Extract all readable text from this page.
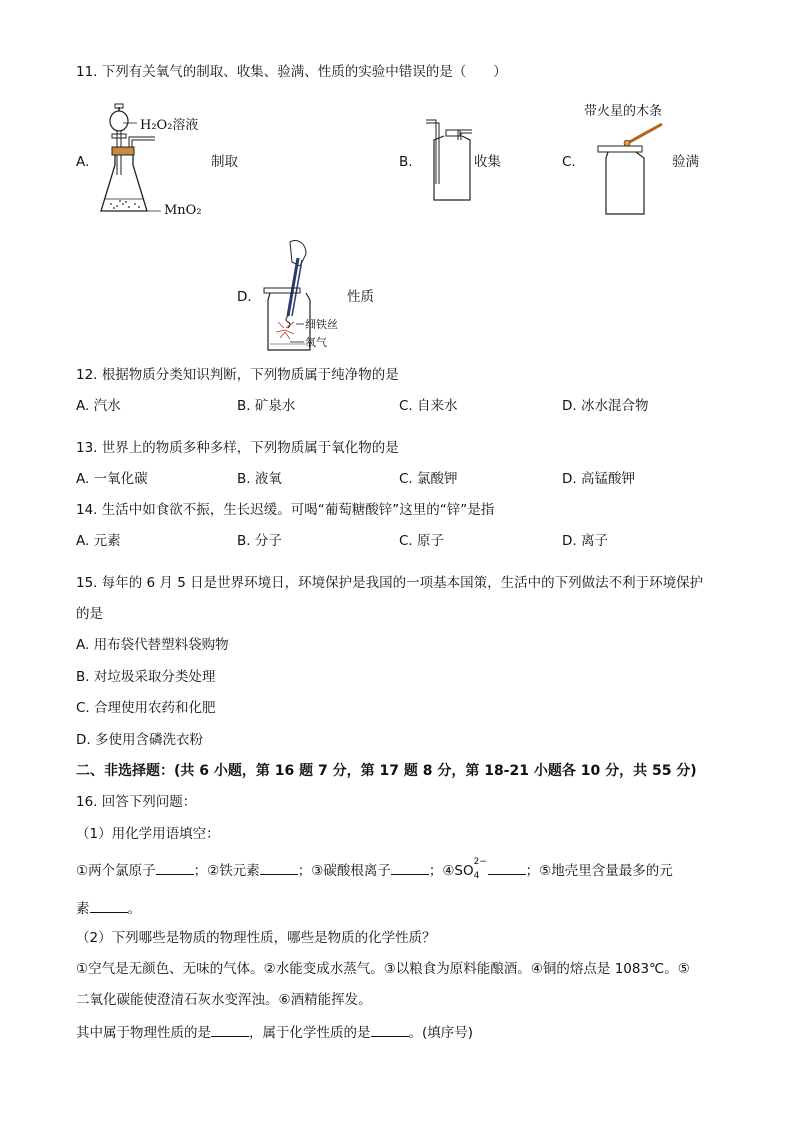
11. 下列有关氧气的制取、收集、验满、性质的实验中错误的是（　　）
A.
H₂O₂溶液
MnO₂
制取	B.	收集
带火星的木条
C.	验满
D.
细铁丝
氧气
性质
12. 根据物质分类知识判断，下列物质属于纯净物的是
A. 汽水	B. 矿泉水	C. 自来水	D. 冰水混合物
13. 世界上的物质多种多样，下列物质属于氧化物的是
A. 一氧化碳	B. 液氧	C. 氯酸钾	D. 高锰酸钾
14. 生活中如食欲不振，生长迟缓。可喝“葡萄糖酸锌”这里的“锌”是指
A. 元素	B. 分子	C. 原子	D. 离子
15. 每年的 6 月 5 日是世界环境日，环境保护是我国的一项基本国策，生活中的下列做法不利于环境保护
的是
A. 用布袋代替塑料袋购物
B. 对垃圾采取分类处理
C. 合理使用农药和化肥
D. 多使用含磷洗衣粉
二、非选择题：(共 6 小题，第 16 题 7 分，第 17 题 8 分，第 18-21 小题各 10 分，共 55 分)
16. 回答下列问题：
（1）用化学用语填空：
①两个氯原子	；②铁元素	；③碳酸根离子	；④SO
2−
4	；⑤地壳里含量最多的元
素	。
（2）下列哪些是物质的物理性质，哪些是物质的化学性质？
①空气是无颜色、无味的气体。②水能变成水蒸气。③以粮食为原料能酿酒。④铜的熔点是 1083℃。⑤
二氧化碳能使澄清石灰水变浑浊。⑥酒精能挥发。
其中属于物理性质的是	，属于化学性质的是	。(填序号)
